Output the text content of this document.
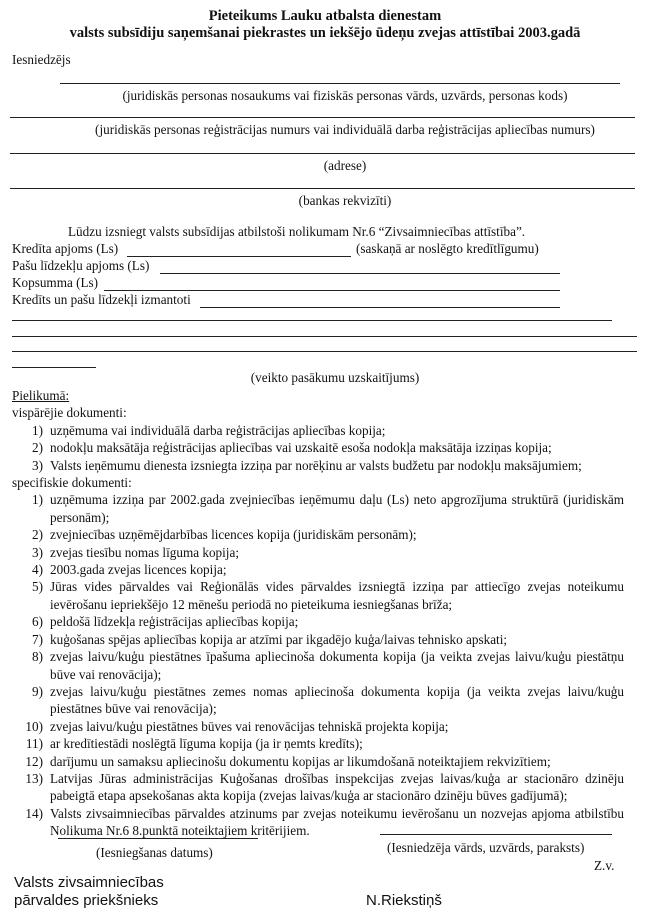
Pieteikums Lauku atbalsta dienestam
valsts subsīdiju saņemšanai piekrastes un iekšējo ūdeņu zvejas attīstībai 2003.gadā
Iesniedzējs
(juridiskās personas nosaukums vai fiziskās personas vārds, uzvārds, personas kods)
(juridiskās personas reģistrācijas numurs vai individuālā darba reģistrācijas apliecības numurs)
(adrese)
(bankas rekvizīti)
Lūdzu izsniegt valsts subsīdijas atbilstoši nolikumam Nr.6 “Zivsaimniecības attīstība”.
Kredīta apjoms (Ls)	(saskaņā ar noslēgto kredītlīgumu)
Pašu līdzekļu apjoms (Ls)
Kopsumma (Ls)
Kredīts un pašu līdzekļi izmantoti
(veikto pasākumu uzskaitījums)
Pielikumā:
vispārējie dokumenti:
1) uzņēmuma vai individuālā darba reģistrācijas apliecības kopija;
2) nodokļu maksātāja reģistrācijas apliecības vai uzskaitē esoša nodokļa maksātāja izziņas kopija;
3) Valsts ieņēmumu dienesta izsniegta izziņa par norēķinu ar valsts budžetu par nodokļu maksājumiem;
specifiskie dokumenti:
1) uzņēmuma izziņa par 2002.gada zvejniecības ieņēmumu daļu (Ls) neto apgrozījuma struktūrā (juridiskām personām);
2) zvejniecības uzņēmējdarbības licences kopija (juridiskām personām);
3) zvejas tiesību nomas līguma kopija;
4) 2003.gada zvejas licences kopija;
5) Jūras vides pārvaldes vai Reģionālās vides pārvaldes izsniegtā izziņa par attiecīgo zvejas noteikumu ievērošanu iepriekšējo 12 mēnešu periodā no pieteikuma iesniegšanas brīža;
6) peldošā līdzekļa reģistrācijas apliecības kopija;
7) kuģošanas spējas apliecības kopija ar atzīmi par ikgadējo kuģa/laivas tehnisko apskati;
8) zvejas laivu/kuģu piestātnes īpašuma apliecinoša dokumenta kopija (ja veikta zvejas laivu/kuģu piestātņu būve vai renovācija);
9) zvejas laivu/kuģu piestātnes zemes nomas apliecinoša dokumenta kopija (ja veikta zvejas laivu/kuģu piestātnes būve vai renovācija);
10) zvejas laivu/kuģu piestātnes būves vai renovācijas tehniskā projekta kopija;
11) ar kredītiestādi noslēgtā līguma kopija (ja ir ņemts kredīts);
12) darījumu un samaksu apliecinošu dokumentu kopijas ar likumdošanā noteiktajiem rekvizītiem;
13) Latvijas Jūras administrācijas Kuģošanas drošības inspekcijas zvejas laivas/kuģa ar stacionāro dzinēju pabeigtā etapa apsekošanas akta kopija (zvejas laivas/kuģa ar stacionāro dzinēju būves gadījumā);
14) Valsts zivsaimniecības pārvaldes atzinums par zvejas noteikumu ievērošanu un nozvejas apjoma atbilstību Nolikuma Nr.6 8.punktā noteiktajiem kritērijiem.
(Iesniegšanas datums)	(Iesniedzēja vārds, uzvārds, paraksts)
Z.v.
Valsts zivsaimniecības
pārvaldes priekšnieks	N.Riekstiņš
